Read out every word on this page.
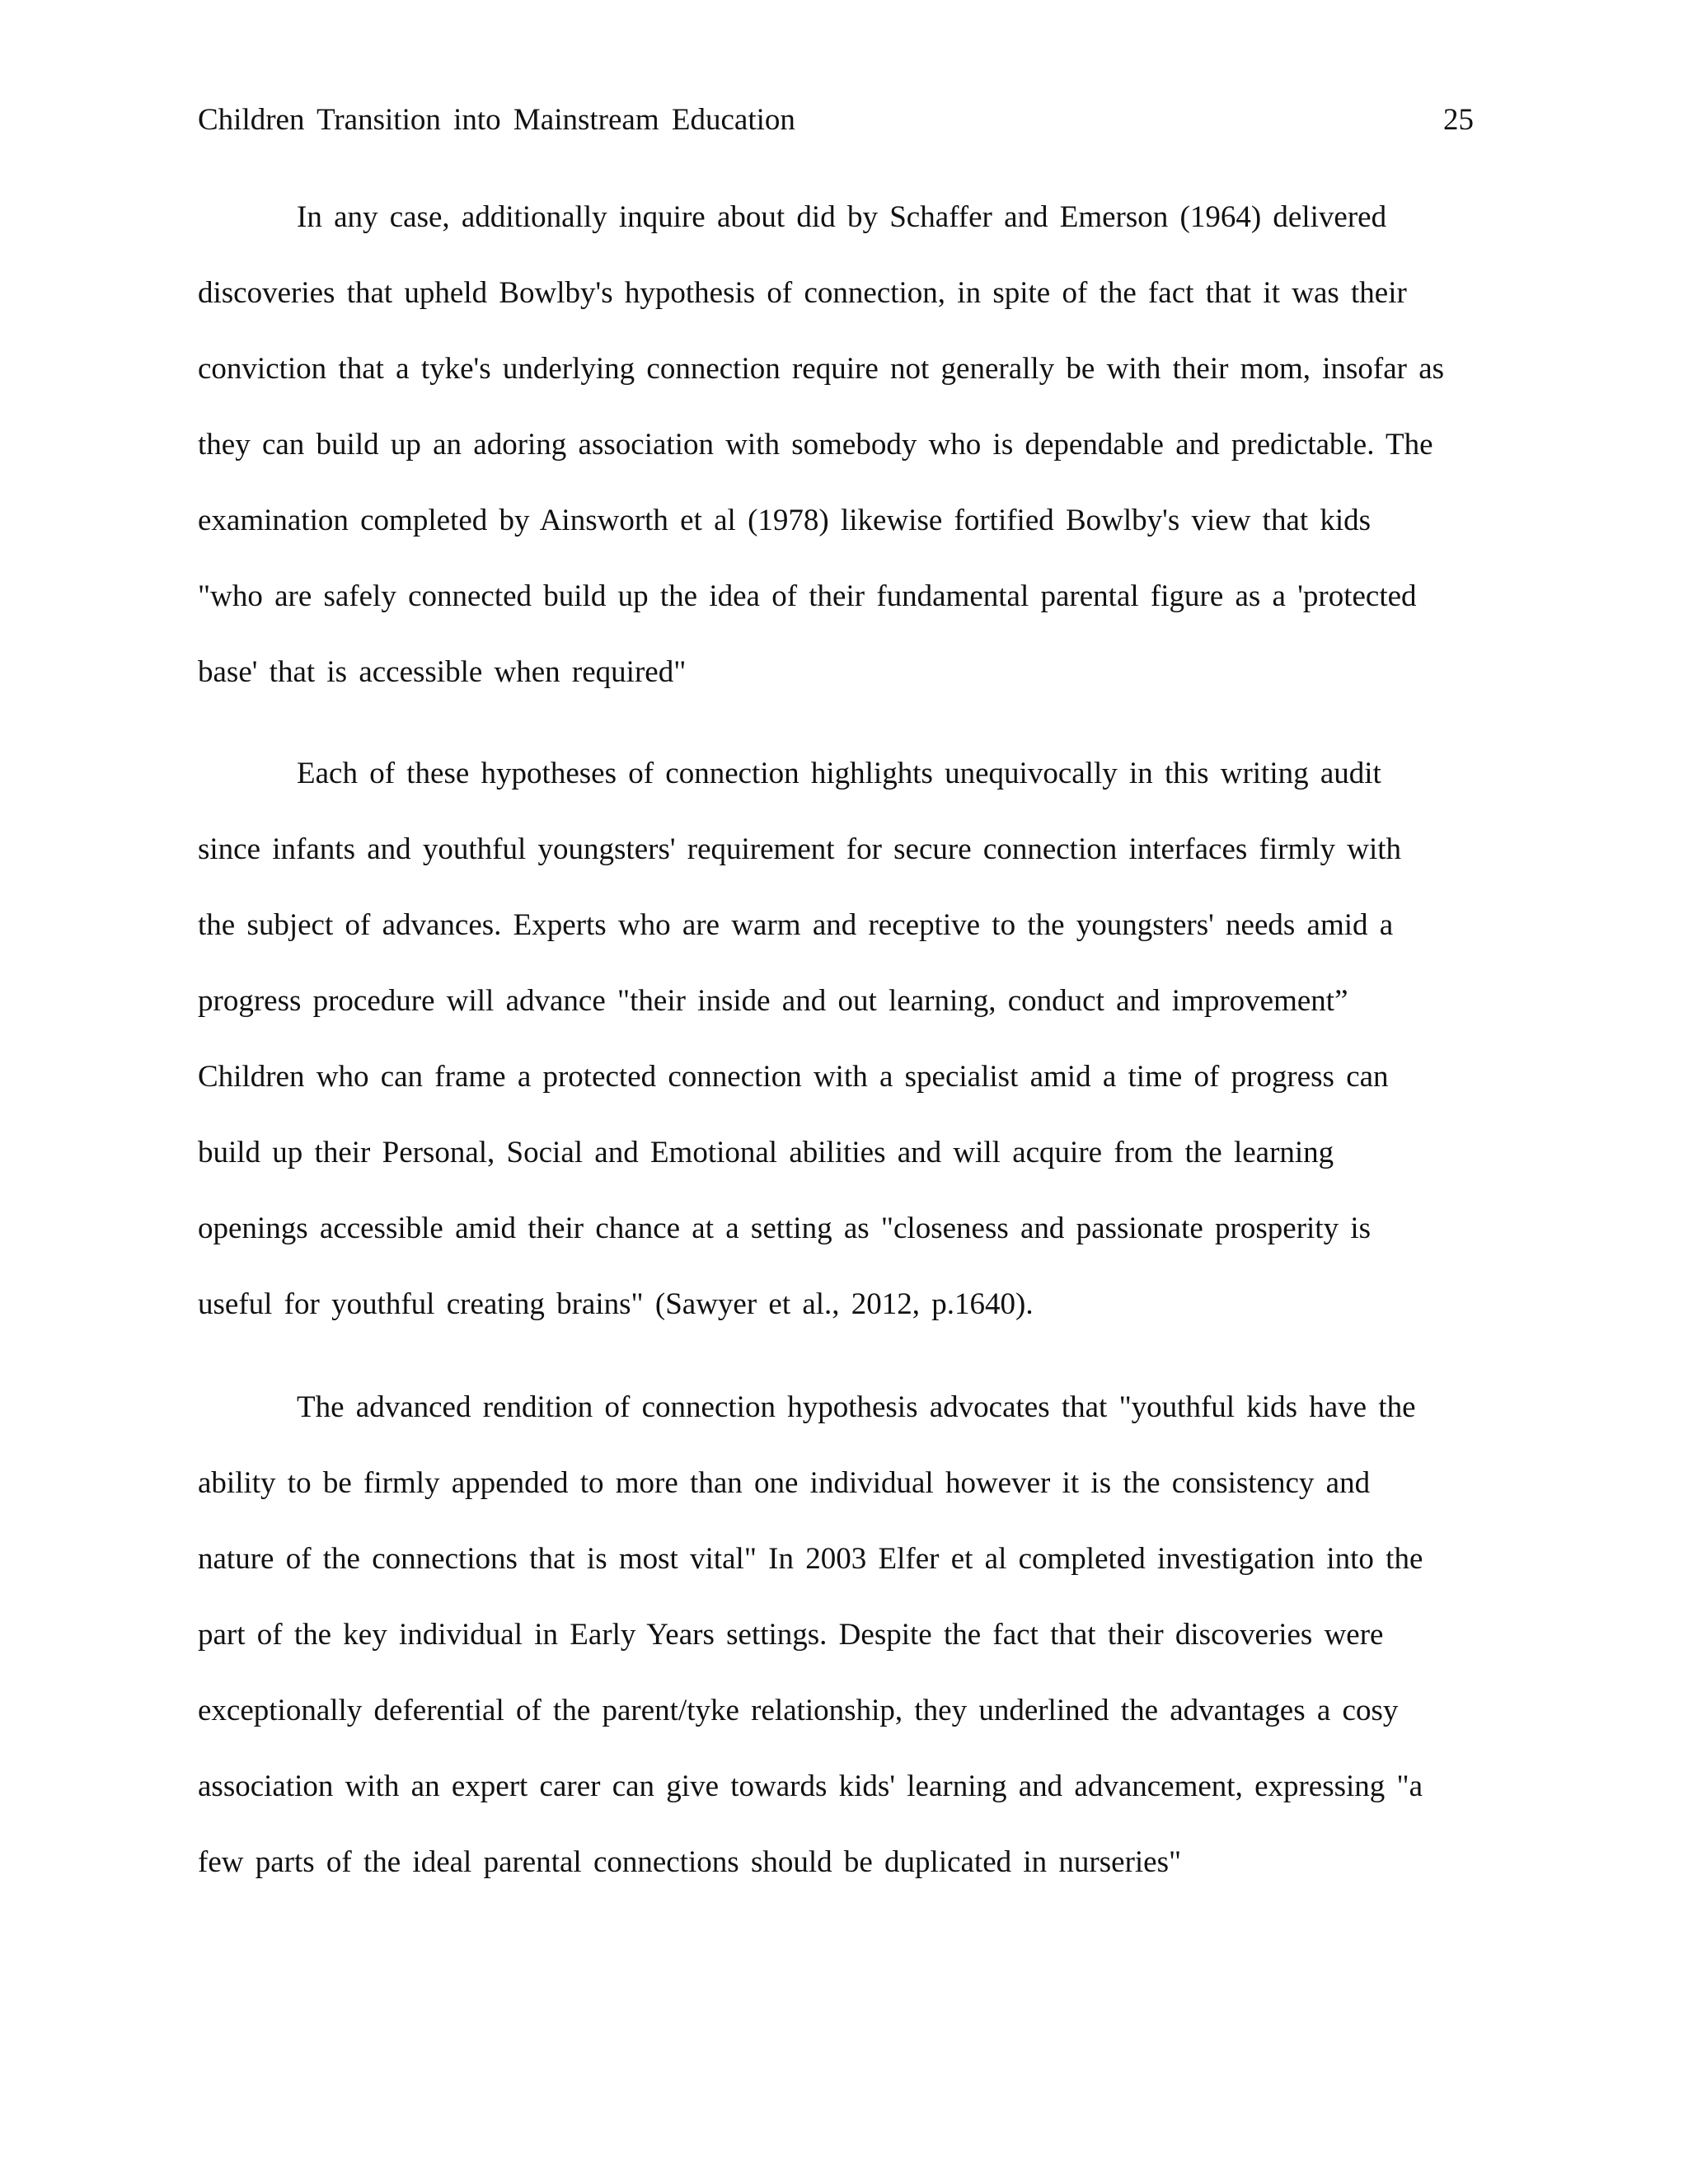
Children Transition into Mainstream Education	25
In any case, additionally inquire about did by Schaffer and Emerson (1964) delivered
discoveries that upheld Bowlby's hypothesis of connection, in spite of the fact that it was their
conviction that a tyke's underlying connection require not generally be with their mom, insofar as
they can build up an adoring association with somebody who is dependable and predictable. The
examination completed by Ainsworth et al (1978) likewise fortified Bowlby's view that kids
"who are safely connected build up the idea of their fundamental parental figure as a 'protected
base' that is accessible when required"
Each of these hypotheses of connection highlights unequivocally in this writing audit
since infants and youthful youngsters' requirement for secure connection interfaces firmly with
the subject of advances. Experts who are warm and receptive to the youngsters' needs amid a
progress procedure will advance "their inside and out learning, conduct and improvement”
Children who can frame a protected connection with a specialist amid a time of progress can
build up their Personal, Social and Emotional abilities and will acquire from the learning
openings accessible amid their chance at a setting as "closeness and passionate prosperity is
useful for youthful creating brains" (Sawyer et al., 2012, p.1640).
The advanced rendition of connection hypothesis advocates that "youthful kids have the
ability to be firmly appended to more than one individual however it is the consistency and
nature of the connections that is most vital" In 2003 Elfer et al completed investigation into the
part of the key individual in Early Years settings. Despite the fact that their discoveries were
exceptionally deferential of the parent/tyke relationship, they underlined the advantages a cosy
association with an expert carer can give towards kids' learning and advancement, expressing "a
few parts of the ideal parental connections should be duplicated in nurseries"
